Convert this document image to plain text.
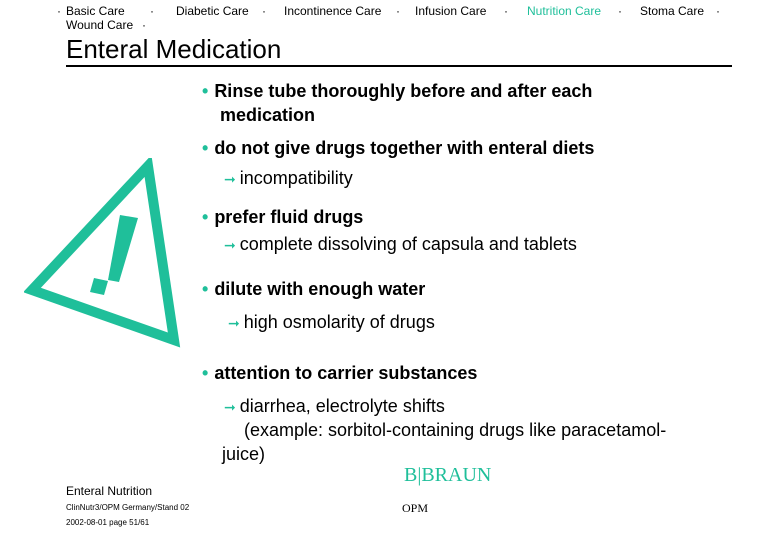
· Basic Care · Diabetic Care · Incontinence Care · Infusion Care · Nutrition Care · Stoma Care ·
Wound Care ·
Enteral Medication
• Rinse tube thoroughly before and after each
medication
• do not give drugs together with enteral diets
➞ incompatibility
• prefer fluid drugs
➞ complete dissolving of capsula and tablets
• dilute with enough water
➞ high osmolarity of drugs
• attention to carrier substances
➞ diarrhea, electrolyte shifts
(example: sorbitol-containing drugs like paracetamol-
juice)
Enteral Nutrition
ClinNutr3/OPM Germany/Stand 02
2002-08-01 page 51/61
B|BRAUN
OPM
